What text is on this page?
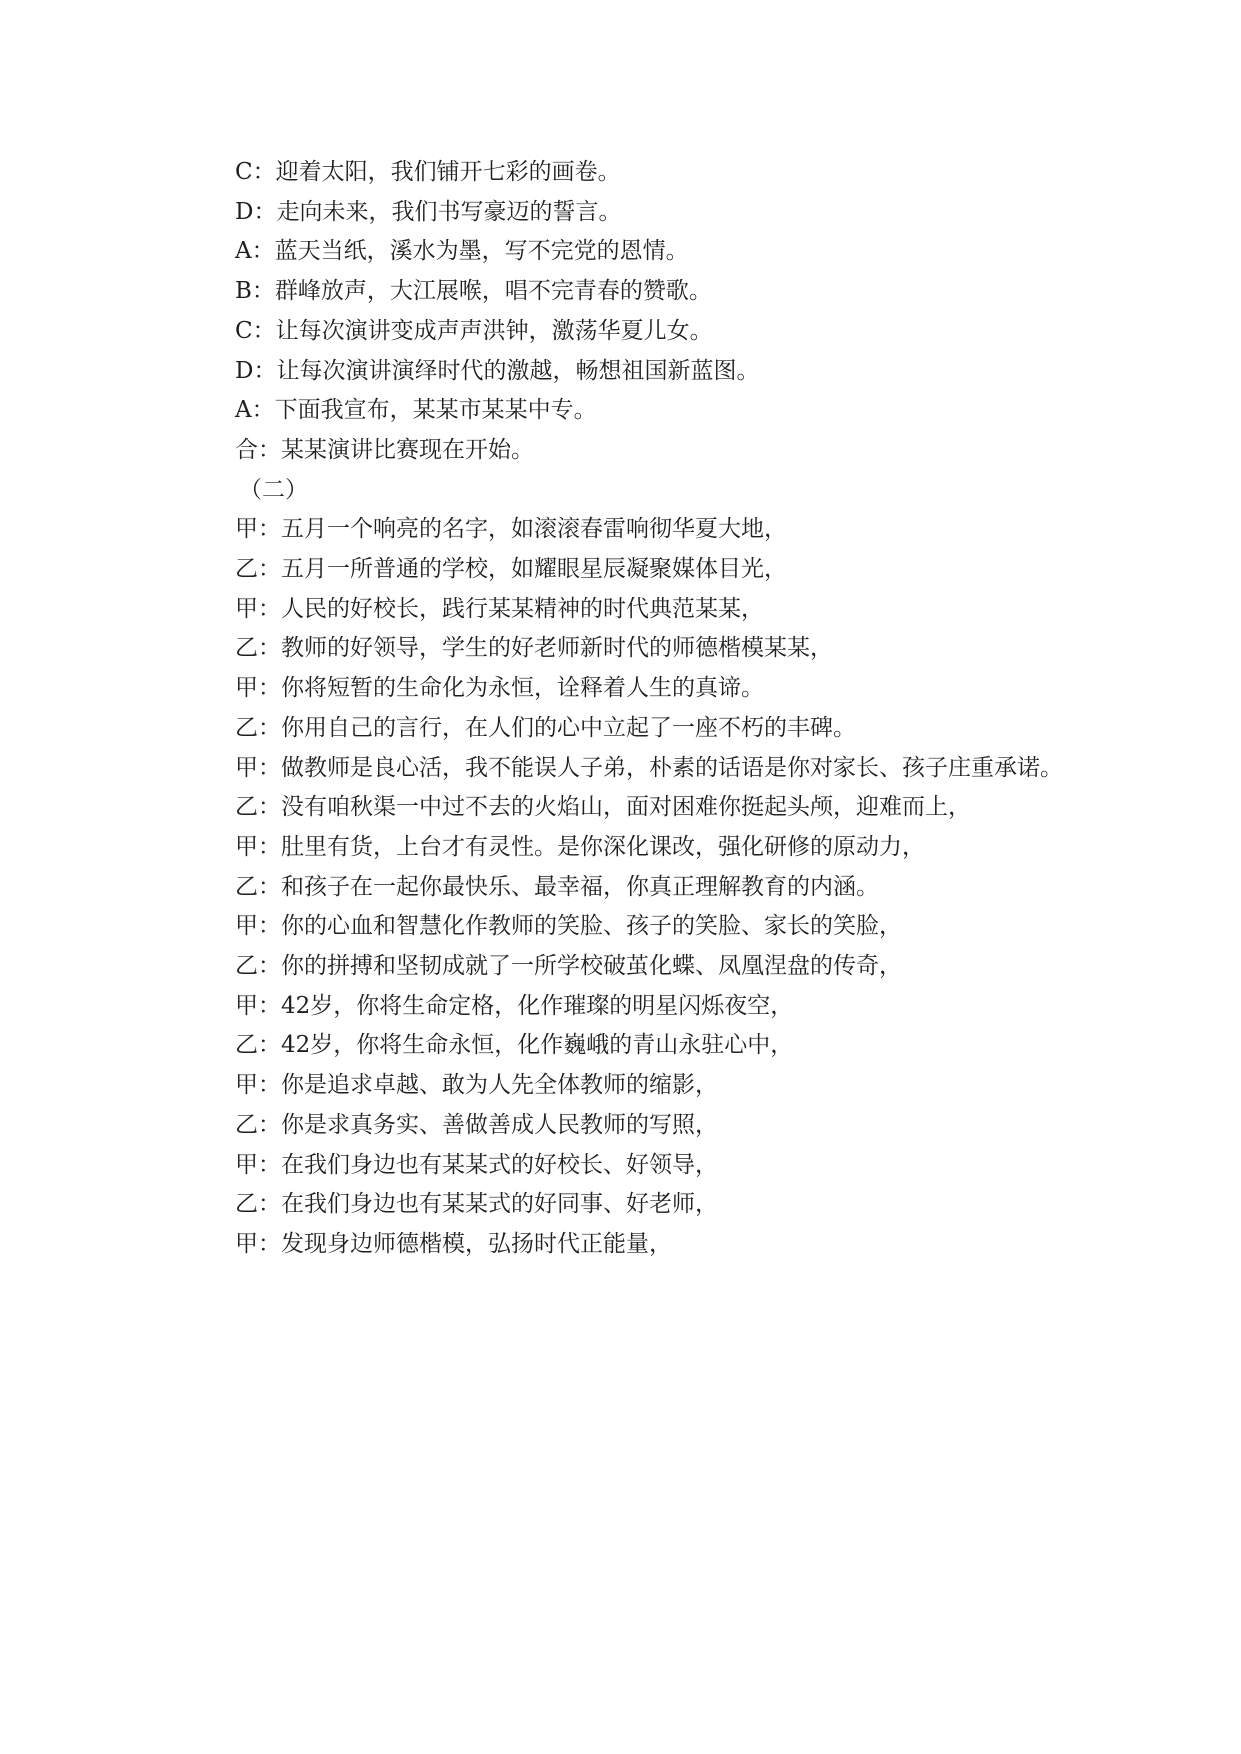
C：迎着太阳，我们铺开七彩的画卷。

D：走向未来，我们书写豪迈的誓言。

A：蓝天当纸，溪水为墨，写不完党的恩情。

B：群峰放声，大江展喉，唱不完青春的赞歌。

C：让每次演讲变成声声洪钟，激荡华夏儿女。

D：让每次演讲演绎时代的激越，畅想祖国新蓝图。

A：下面我宣布，某某市某某中专。

合：某某演讲比赛现在开始。

（二）

甲：五月一个响亮的名字，如滚滚春雷响彻华夏大地，

乙：五月一所普通的学校，如耀眼星辰凝聚媒体目光，

甲：人民的好校长，践行某某精神的时代典范某某，

乙：教师的好领导，学生的好老师新时代的师德楷模某某，

甲：你将短暂的生命化为永恒，诠释着人生的真谛。

乙：你用自己的言行，在人们的心中立起了一座不朽的丰碑。

甲：做教师是良心活，我不能误人子弟，朴素的话语是你对家长、孩子庄重承诺。

乙：没有咱秋渠一中过不去的火焰山，面对困难你挺起头颅，迎难而上，

甲：肚里有货，上台才有灵性。是你深化课改，强化研修的原动力，

乙：和孩子在一起你最快乐、最幸福，你真正理解教育的内涵。

甲：你的心血和智慧化作教师的笑脸、孩子的笑脸、家长的笑脸，

乙：你的拼搏和坚韧成就了一所学校破茧化蝶、凤凰涅盘的传奇，

甲：42岁，你将生命定格，化作璀璨的明星闪烁夜空，

乙：42岁，你将生命永恒，化作巍峨的青山永驻心中，

甲：你是追求卓越、敢为人先全体教师的缩影，

乙：你是求真务实、善做善成人民教师的写照，

甲：在我们身边也有某某式的好校长、好领导，

乙：在我们身边也有某某式的好同事、好老师，

甲：发现身边师德楷模，弘扬时代正能量，
